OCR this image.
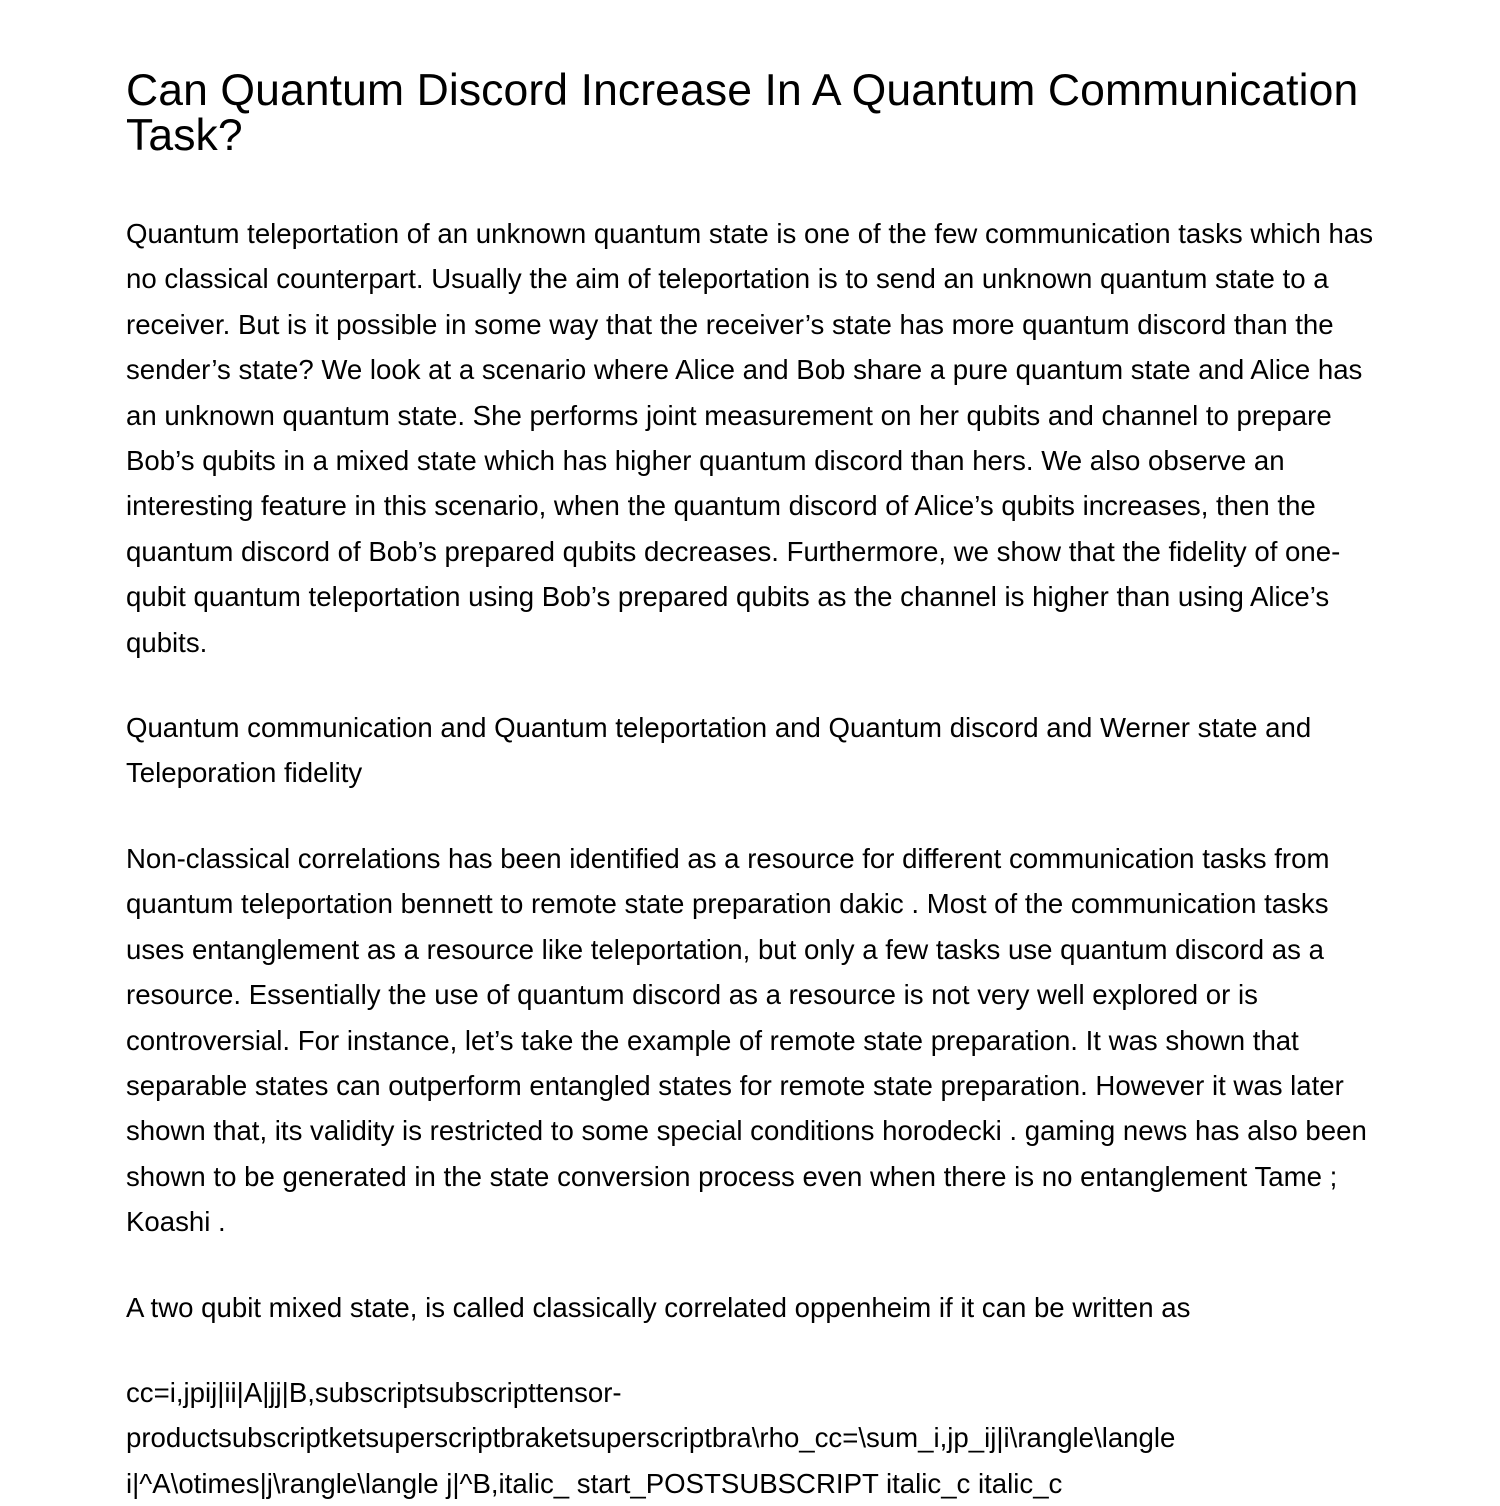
Can Quantum Discord Increase In A Quantum Communication Task?

Quantum teleportation of an unknown quantum state is one of the few communication tasks which has no classical counterpart. Usually the aim of teleportation is to send an unknown quantum state to a receiver. But is it possible in some way that the receiver’s state has more quantum discord than the sender’s state? We look at a scenario where Alice and Bob share a pure quantum state and Alice has an unknown quantum state. She performs joint measurement on her qubits and channel to prepare Bob’s qubits in a mixed state which has higher quantum discord than hers. We also observe an interesting feature in this scenario, when the quantum discord of Alice’s qubits increases, then the quantum discord of Bob’s prepared qubits decreases. Furthermore, we show that the fidelity of one-qubit quantum teleportation using Bob’s prepared qubits as the channel is higher than using Alice’s qubits.

Quantum communication and Quantum teleportation and Quantum discord and Werner state and Teleporation fidelity

Non-classical correlations has been identified as a resource for different communication tasks from quantum teleportation bennett to remote state preparation dakic . Most of the communication tasks uses entanglement as a resource like teleportation, but only a few tasks use quantum discord as a resource. Essentially the use of quantum discord as a resource is not very well explored or is controversial. For instance, let’s take the example of remote state preparation. It was shown that separable states can outperform entangled states for remote state preparation. However it was later shown that, its validity is restricted to some special conditions horodecki . gaming news has also been shown to be generated in the state conversion process even when there is no entanglement Tame ; Koashi .

A two qubit mixed state, is called classically correlated oppenheim if it can be written as

cc=i,jpij|ii|A|jj|B,subscriptsubscripttensor-
productsubscriptketsuperscriptbraketsuperscriptbra\rho_cc=\sum_i,jp_ij|i\rangle\langle
i|^A\otimes|j\rangle\langle j|^B,italic_ start_POSTSUBSCRIPT italic_c italic_c
